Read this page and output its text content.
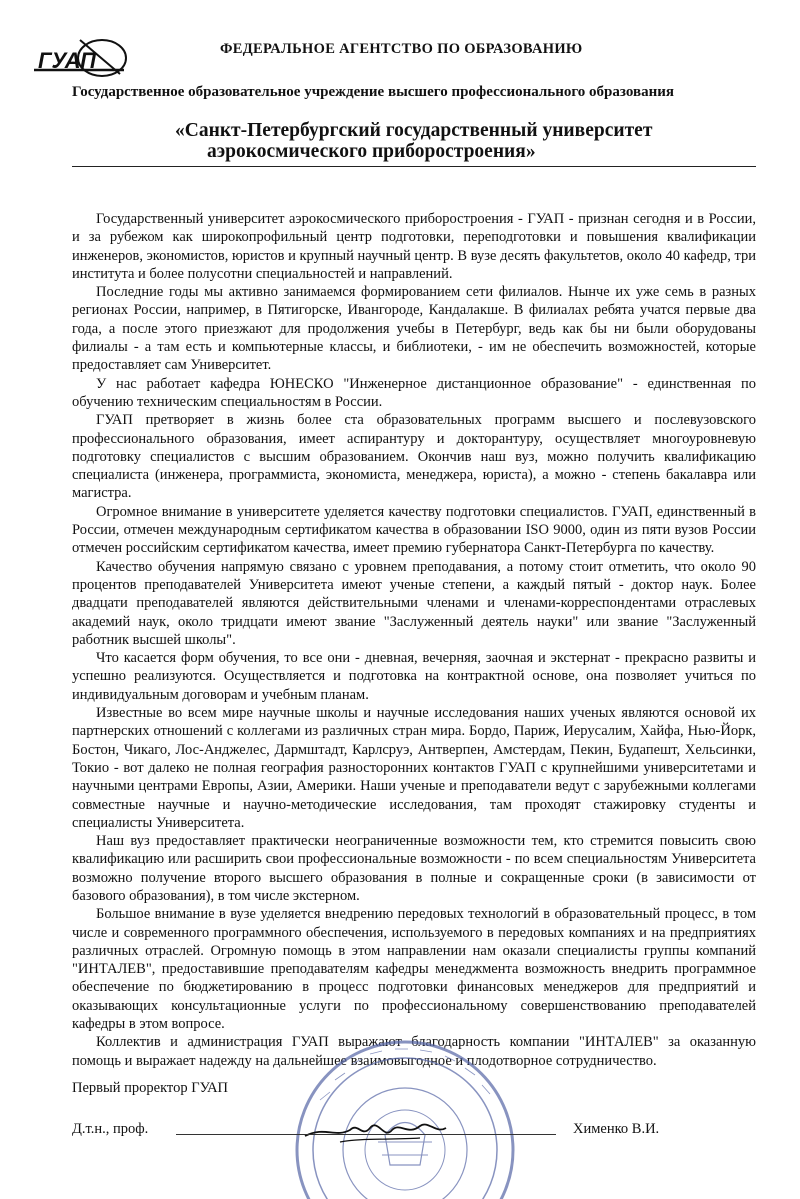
ГУАП	ФЕДЕРАЛЬНОЕ АГЕНТСТВО ПО ОБРАЗОВАНИЮ
Государственное образовательное учреждение высшего профессионального образования
«Санкт-Петербургский государственный университет
аэрокосмического приборостроения»

Государственный университет аэрокосмического приборостроения - ГУАП - признан сегодня и в России, и за рубежом как широкопрофильный центр подготовки, переподготовки и повышения квалификации инженеров, экономистов, юристов и крупный научный центр. В вузе десять факультетов, около 40 кафедр, три института и более полусотни специальностей и направлений.

Последние годы мы активно занимаемся формированием сети филиалов. Нынче их уже семь в разных регионах России, например, в Пятигорске, Ивангороде, Кандалакше. В филиалах ребята учатся первые два года, а после этого приезжают для продолжения учебы в Петербург, ведь как бы ни были оборудованы филиалы - а там есть и компьютерные классы, и библиотеки, - им не обеспечить возможностей, которые предоставляет сам Университет.

У нас работает кафедра ЮНЕСКО "Инженерное дистанционное образование" - единственная по обучению техническим специальностям в России.

ГУАП претворяет в жизнь более ста образовательных программ высшего и послевузовского профессионального образования, имеет аспирантуру и докторантуру, осуществляет многоуровневую подготовку специалистов с высшим образованием. Окончив наш вуз, можно получить квалификацию специалиста (инженера, программиста, экономиста, менеджера, юриста), а можно - степень бакалавра или магистра.

Огромное внимание в университете уделяется качеству подготовки специалистов. ГУАП, единственный в России, отмечен международным сертификатом качества в образовании ISO 9000, один из пяти вузов России отмечен российским сертификатом качества, имеет премию губернатора Санкт-Петербурга по качеству.

Качество обучения напрямую связано с уровнем преподавания, а потому стоит отметить, что около 90 процентов преподавателей Университета имеют ученые степени, а каждый пятый - доктор наук. Более двадцати преподавателей являются действительными членами и членами-корреспондентами отраслевых академий наук, около тридцати имеют звание "Заслуженный деятель науки" или звание "Заслуженный работник высшей школы".

Что касается форм обучения, то все они - дневная, вечерняя, заочная и экстернат - прекрасно развиты и успешно реализуются. Осуществляется и подготовка на контрактной основе, она позволяет учиться по индивидуальным договорам и учебным планам.

Известные во всем мире научные школы и научные исследования наших ученых являются основой их партнерских отношений с коллегами из различных стран мира. Бордо, Париж, Иерусалим, Хайфа, Нью-Йорк, Бостон, Чикаго, Лос-Анджелес, Дармштадт, Карлсруэ, Антверпен, Амстердам, Пекин, Будапешт, Хельсинки, Токио - вот далеко не полная география разносторонних контактов ГУАП с крупнейшими университетами и научными центрами Европы, Азии, Америки. Наши ученые и преподаватели ведут с зарубежными коллегами совместные научные и научно-методические исследования, там проходят стажировку студенты и специалисты Университета.

Наш вуз предоставляет практически неограниченные возможности тем, кто стремится повысить свою квалификацию или расширить свои профессиональные возможности - по всем специальностям Университета возможно получение второго высшего образования в полные и сокращенные сроки (в зависимости от базового образования), в том числе экстерном.

Большое внимание в вузе уделяется внедрению передовых технологий в образовательный процесс, в том числе и современного программного обеспечения, используемого в передовых компаниях и на предприятиях различных отраслей. Огромную помощь в этом направлении нам оказали специалисты группы компаний "ИНТАЛЕВ", предоставившие преподавателям кафедры менеджмента возможность внедрить программное обеспечение по бюджетированию в процесс подготовки финансовых менеджеров для предприятий и оказывающих консультационные услуги по профессиональному совершенствованию преподавателей кафедры в этом вопросе.

Коллектив и администрация ГУАП выражают благодарность компании "ИНТАЛЕВ" за оказанную помощь и выражает надежду на дальнейшее взаимовыгодное и плодотворное сотрудничество.

Первый проректор ГУАП
Д.т.н., проф.	Хименко В.И.
